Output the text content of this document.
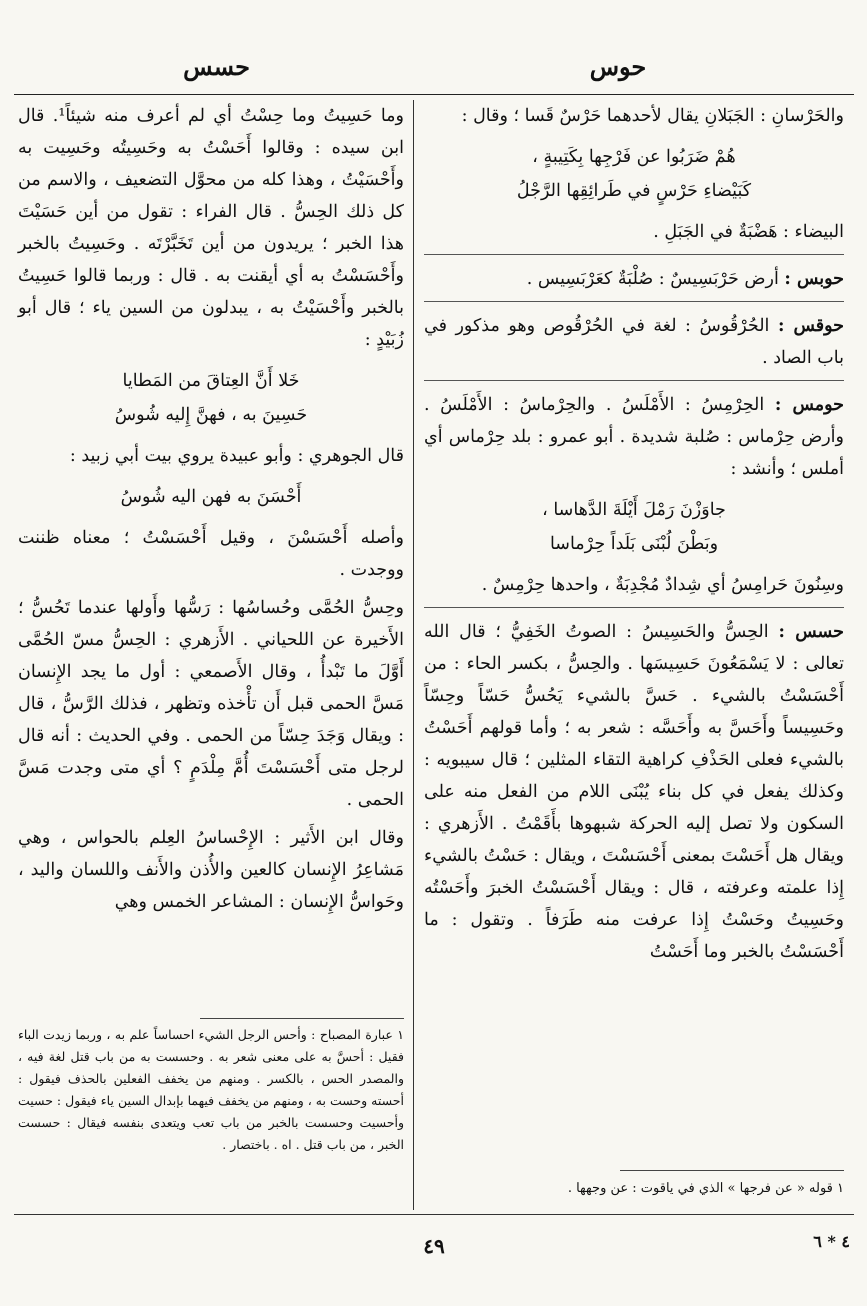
حوس
حسس

والحَرْسانِ : الجَبَلانِ يقال لأحدهما حَرْسٌ قَسا ؛ وقال :

هُمْ ضَرَبُوا عن فَرْجِها بِكَتِيبةٍ ،
كَبَيْضاءِ حَرْسٍ في طَرائِقِها الرَّجْلُ

البيضاء : هَضْبَةٌ في الجَبَلِ .

حوبس : أرض حَرْبَسِيسٌ : صُلْبَةٌ كعَرْبَسِيس .

حوقس : الحُرْقُوسُ : لغة في الحُرْقُوص وهو مذكور في باب الصاد .

حومس : الحِرْمِسُ : الأَمْلَسُ . والحِرْماسُ : الأَمْلَسُ . وأرض حِرْماس : صُلبة شديدة . أبو عمرو : بلد حِرْماس أي أملس ؛ وأنشد :

جاوَزْنَ رَمْلَ أَيْلَةَ الدَّهاسا ،
وبَطْنَ لُبْنَى بَلَداً حِرْماسا

وسِنُونَ حَرامِسُ أي شِدادٌ مُجْدِبَةٌ ، واحدها حِرْمِسٌ .

حسس : الحِسُّ والحَسِيسُ : الصوتُ الخَفِيُّ ؛ قال الله تعالى : لا يَسْمَعُونَ حَسِيسَها . والحِسُّ ، بكسر الحاء : من أَحْسَسْتُ بالشيء . حَسَّ بالشيء يَحُسُّ حَسّاً وحِسّاً وحَسِيساً وأَحَسَّ به وأَحَسَّه : شعر به ؛ وأما قولهم أَحَسْتُ بالشيء فعلى الحَذْفِ كراهية التقاء المثلين ؛ قال سيبويه : وكذلك يفعل في كل بناء يُبْنَى اللام من الفعل منه على السكون ولا تصل إليه الحركة شبهوها بأَقَمْتُ . الأَزهري : ويقال هل أَحَسْتَ بمعنى أَحْسَسْتَ ، ويقال : حَسْتُ بالشيء إِذا علمته وعرفته ، قال : ويقال أَحْسَسْتُ الخبرَ وأَحَسْتُه وحَسِيتُ وحَسْتُ إِذا عرفت منه طَرَفاً . وتقول : ما أَحْسَسْتُ بالخبر وما أَحَسْتُ

وما حَسِيتُ وما حِسْتُ أي لم أعرف منه شيئاً¹. قال ابن سيده : وقالوا أَحَسْتُ به وحَسِيتُه وحَسِيت به وأَحْسَيْتُ ، وهذا كله من محوَّل التضعيف ، والاسم من كل ذلك الحِسُّ . قال الفراء : تقول من أين حَسَيْتَ هذا الخبر ؛ يريدون من أين تَخَبَّرْتَه . وحَسِيتُ بالخبر وأَحْسَسْتُ به أي أيقنت به . قال : وربما قالوا حَسِيتُ بالخبر وأَحْسَيْتُ به ، يبدلون من السين ياء ؛ قال أبو زُبَيْدٍ :

خَلا أَنَّ العِتاقَ من المَطايا
حَسِينَ به ، فهنَّ إِليه شُوسُ

قال الجوهري : وأبو عبيدة يروي بيت أبي زبيد :

أَحْسَنَ به فهن اليه شُوسُ

وأصله أَحْسَسْنَ ، وقيل أَحْسَسْتُ ؛ معناه ظننت ووجدت .

وحِسُّ الحُمَّى وحُساسُها : رَسُّها وأَولها عندما تَحُسُّ ؛ الأَخيرة عن اللحياني . الأَزهري : الحِسُّ مسّ الحُمَّى أَوَّلَ ما تَبْدأُ ، وقال الأَصمعي : أول ما يجد الإِنسان مَسَّ الحمى قبل أَن تأْخذه وتظهر ، فذلك الرَّسُّ ، قال : ويقال وَجَدَ حِسّاً من الحمى . وفي الحديث : أنه قال لرجل متى أَحْسَسْتَ أُمَّ مِلْدَمٍ ؟ أي متى وجدت مَسَّ الحمى .

وقال ابن الأَثير : الإِحْساسُ العِلم بالحواس ، وهي مَشاعِرُ الإِنسان كالعين والأُذن والأَنف واللسان واليد ، وحَواسُّ الإِنسان : المشاعر الخمس وهي

١ عبارة المصباح : وأحس الرجل الشيء احساساً علم به ، وربما زيدت الباء فقيل : أحسَّ به على معنى شعر به . وحسست به من باب قتل لغة فيه ، والمصدر الحس ، بالكسر . ومنهم من يخفف الفعلين بالحذف فيقول : أحسته وحست به ، ومنهم من يخفف فيهما بإبدال السين ياء فيقول : حسيت وأحسيت وحسست بالخبر من باب تعب ويتعدى بنفسه فيقال : حسست الخبر ، من باب قتل . اه . باختصار .
١ قوله « عن فرجها » الذي في ياقوت : عن وجهها .
٤٩	٤ * ٦
